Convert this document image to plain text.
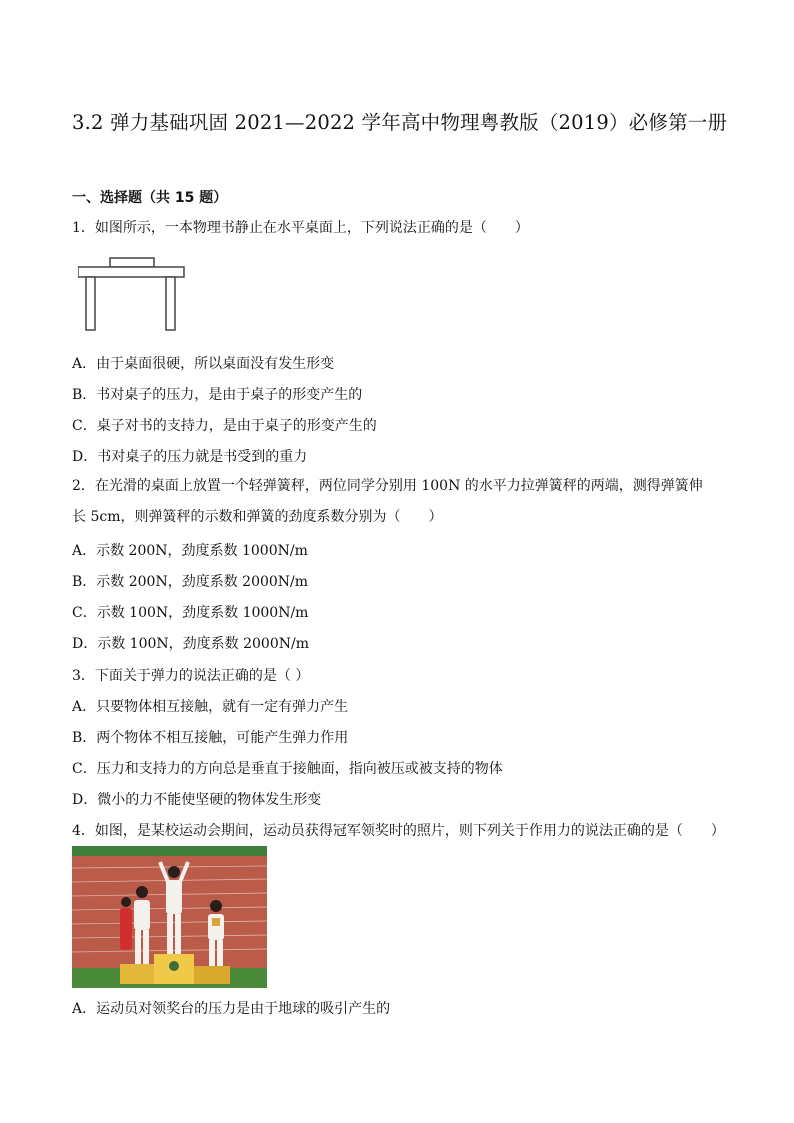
3.2 弹力基础巩固 2021—2022 学年高中物理粤教版（2019）必修第一册
一、选择题（共 15 题）
1．如图所示，一本物理书静止在水平桌面上，下列说法正确的是（　　）
A．由于桌面很硬，所以桌面没有发生形变
B．书对桌子的压力，是由于桌子的形变产生的
C．桌子对书的支持力，是由于桌子的形变产生的
D．书对桌子的压力就是书受到的重力
2．在光滑的桌面上放置一个轻弹簧秤，两位同学分别用 100N 的水平力拉弹簧秤的两端，测得弹簧伸长 5cm，则弹簧秤的示数和弹簧的劲度系数分别为（　　）
A．示数 200N，劲度系数 1000N/m
B．示数 200N，劲度系数 2000N/m
C．示数 100N，劲度系数 1000N/m
D．示数 100N，劲度系数 2000N/m
3．下面关于弹力的说法正确的是（ ）
A．只要物体相互接触，就有一定有弹力产生
B．两个物体不相互接触，可能产生弹力作用
C．压力和支持力的方向总是垂直于接触面，指向被压或被支持的物体
D．微小的力不能使坚硬的物体发生形变
4．如图，是某校运动会期间，运动员获得冠军领奖时的照片，则下列关于作用力的说法正确的是（　　）
A．运动员对领奖台的压力是由于地球的吸引产生的
